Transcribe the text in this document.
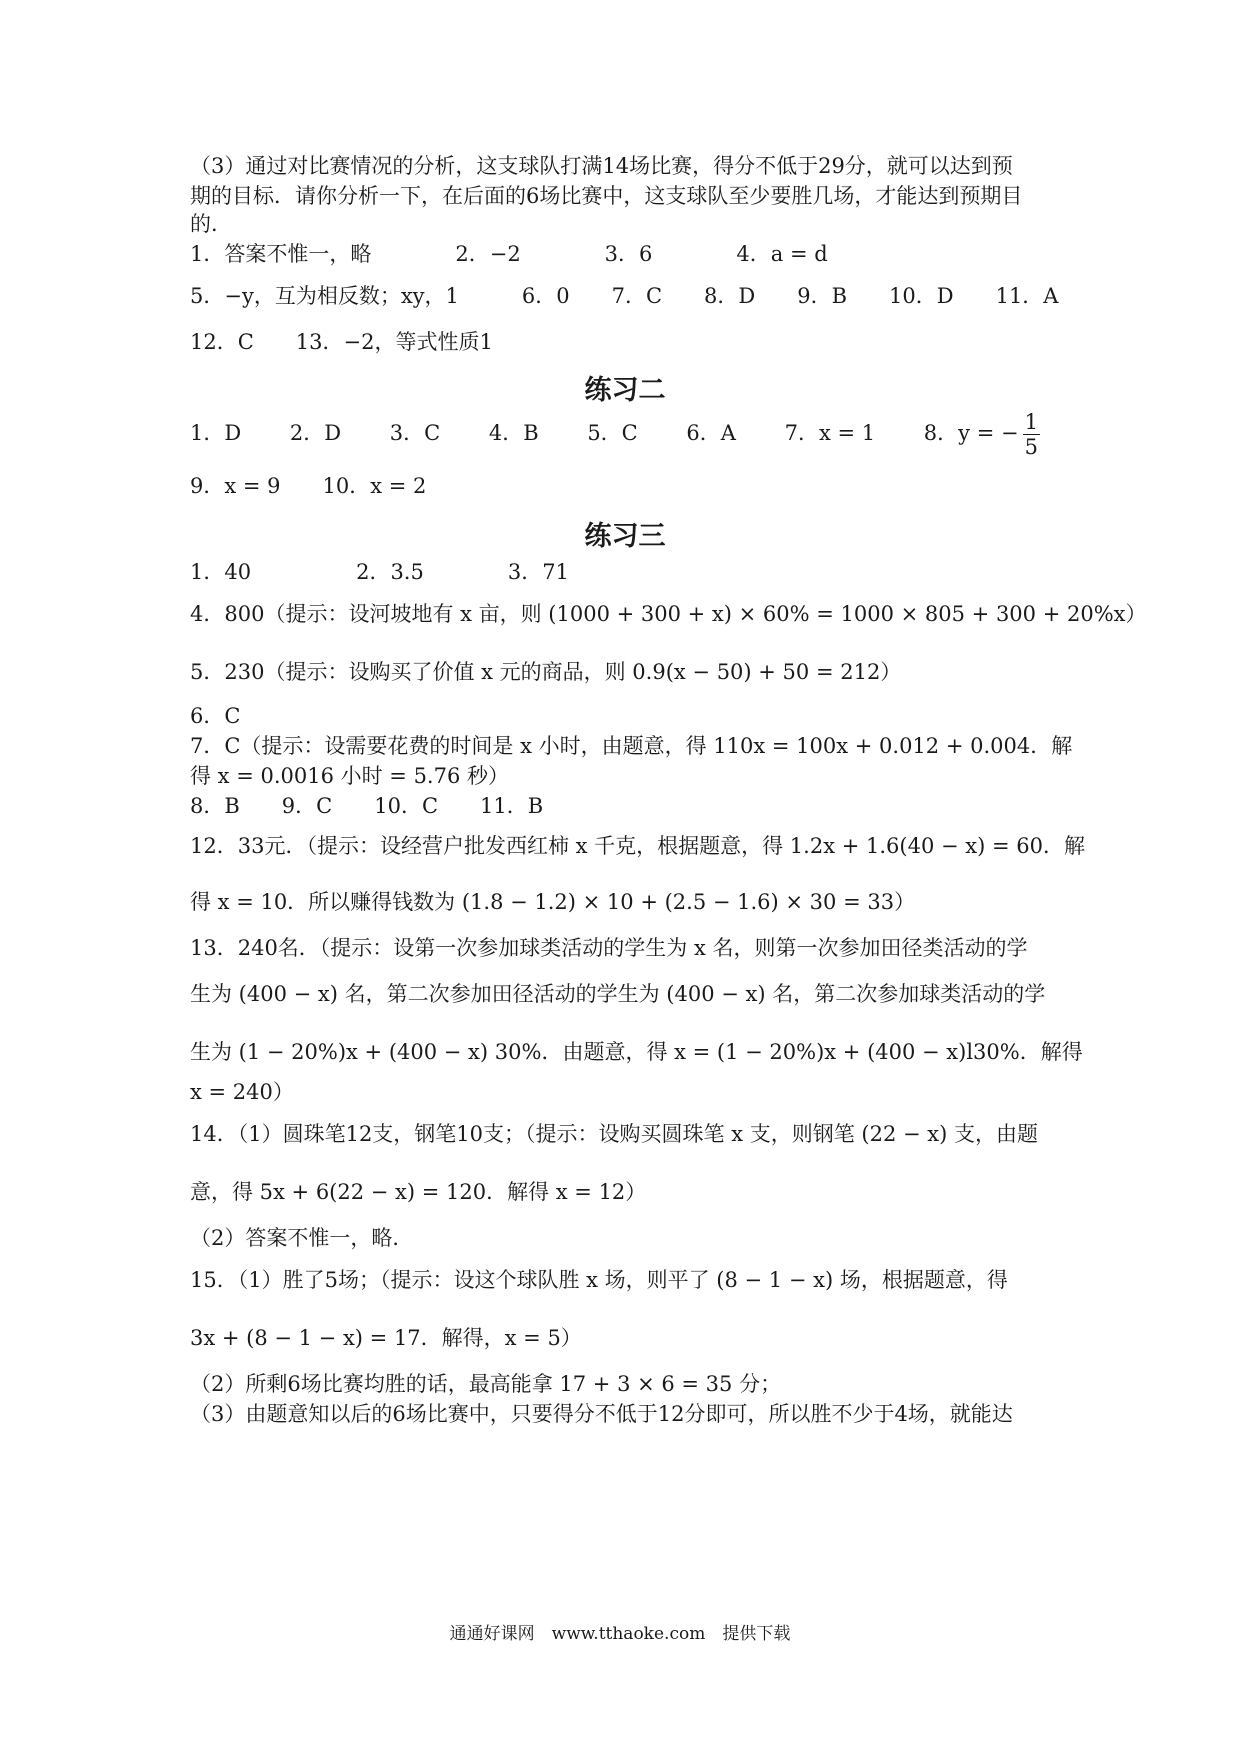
（3）通过对比赛情况的分析，这支球队打满14场比赛，得分不低于29分，就可以达到预
期的目标．请你分析一下，在后面的6场比赛中，这支球队至少要胜几场，才能达到预期目
的．
1．答案不惟一，略　　　　2．−2　　　　3．6　　　　4．a = d
5．−y，互为相反数；xy，1　　　6．0　　7．C　　8．D　　9．B　　10．D　　11．A
12．C　　13．−2，等式性质1
练习二
1．D　　 2．D　　 3．C　　 4．B　　 5．C　　 6．A　　 7．x = 1　　 8．y = − $\frac{1}{5}$
9．x = 9　　10．x = 2
练习三
1．40　　　　　2．3.5　　　　3．71
4．800（提示：设河坡地有 x 亩，则 (1000 + 300 + x) × 60% = 1000 × 805 + 300 + 20%x）
5．230（提示：设购买了价值 x 元的商品，则 0.9(x − 50) + 50 = 212）
6．C
7．C（提示：设需要花费的时间是 x 小时，由题意，得 110x = 100x + 0.012 + 0.004．解
得 x = 0.0016 小时 = 5.76 秒）
8．B　　9．C　　10．C　　11．B
12．33元．（提示：设经营户批发西红柿 x 千克，根据题意，得 1.2x + 1.6(40 − x) = 60．解
得 x = 10．所以赚得钱数为 (1.8 − 1.2) × 10 + (2.5 − 1.6) × 30 = 33）
13．240名．（提示：设第一次参加球类活动的学生为 x 名，则第一次参加田径类活动的学
生为 (400 − x) 名，第二次参加田径活动的学生为 (400 − x) 名，第二次参加球类活动的学
生为 (1 − 20%)x + (400 − x) 30%．由题意，得 x = (1 − 20%)x + (400 − x)l30%．解得
x = 240）
14．（1）圆珠笔12支，钢笔10支；（提示：设购买圆珠笔 x 支，则钢笔 (22 − x) 支，由题
意，得 5x + 6(22 − x) = 120．解得 x = 12）
（2）答案不惟一，略．
15．（1）胜了5场；（提示：设这个球队胜 x 场，则平了 (8 − 1 − x) 场，根据题意，得
3x + (8 − 1 − x) = 17．解得，x = 5）
（2）所剩6场比赛均胜的话，最高能拿 17 + 3 × 6 = 35 分；
（3）由题意知以后的6场比赛中，只要得分不低于12分即可，所以胜不少于4场，就能达
通通好课网　www.tthaoke.com　提供下载
